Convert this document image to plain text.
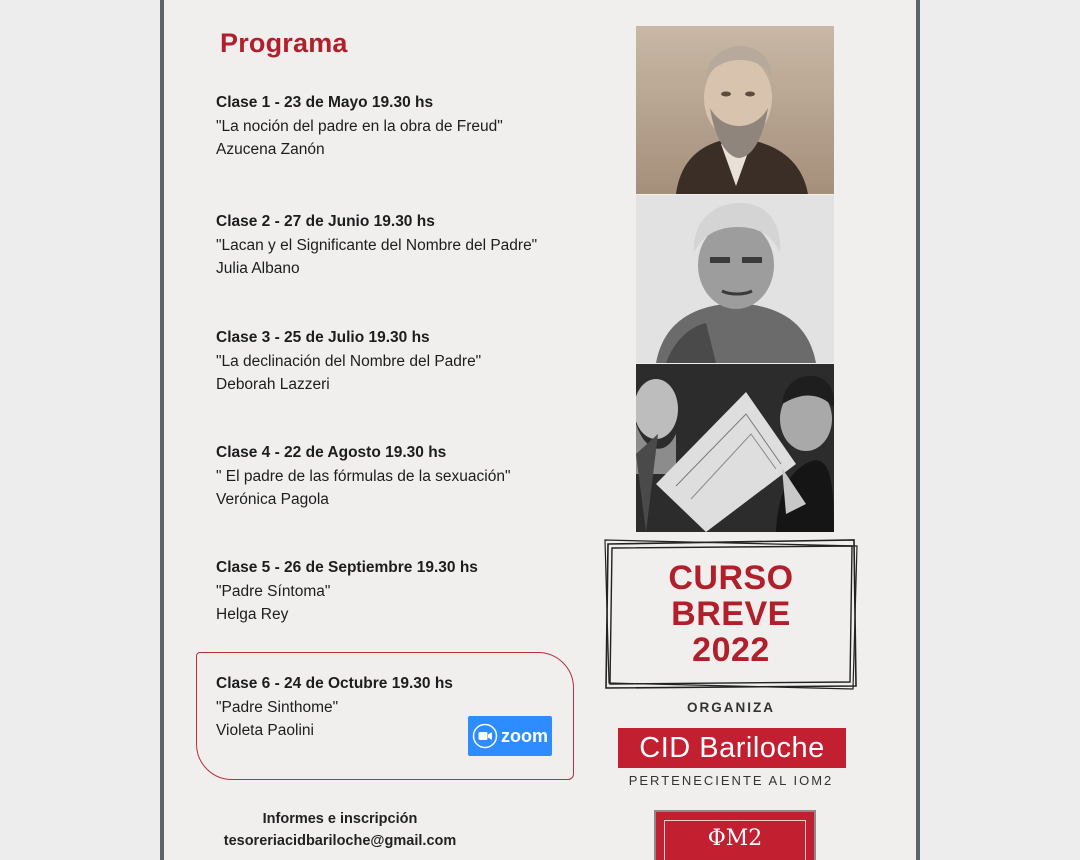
Programa
Clase 1 - 23 de Mayo 19.30 hs
"La noción del padre en la obra de Freud"
Azucena Zanón
Clase 2 - 27 de Junio 19.30 hs
"Lacan y el Significante del Nombre del Padre"
Julia Albano
Clase 3 - 25 de Julio 19.30 hs
"La declinación del Nombre del Padre"
Deborah Lazzeri
Clase 4 - 22 de Agosto 19.30 hs
" El padre de las fórmulas de la sexuación"
Verónica Pagola
Clase 5 - 26 de Septiembre 19.30 hs
"Padre Síntoma"
Helga Rey
Clase 6 - 24 de Octubre 19.30 hs
"Padre Sinthome"
Violeta Paolini	zoom
Informes e inscripción
tesoreriacidbariloche@gmail.com
CURSO
BREVE
2022
ORGANIZA
CID Bariloche
PERTENECIENTE AL IOM2
ΦM2
